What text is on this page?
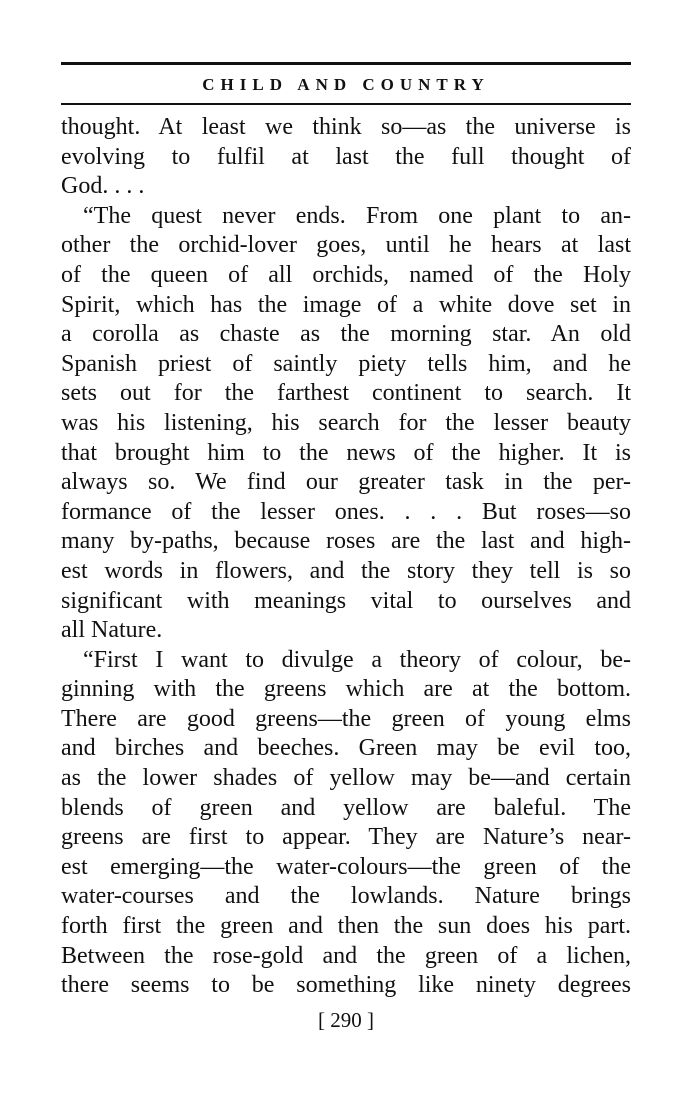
CHILD AND COUNTRY
thought. At least we think so—as the universe is
evolving to fulfil at last the full thought of
God. . . .
“The quest never ends. From one plant to an-
other the orchid-lover goes, until he hears at last
of the queen of all orchids, named of the Holy
Spirit, which has the image of a white dove set in
a corolla as chaste as the morning star. An old
Spanish priest of saintly piety tells him, and he
sets out for the farthest continent to search. It
was his listening, his search for the lesser beauty
that brought him to the news of the higher. It is
always so. We find our greater task in the per-
formance of the lesser ones. . . . But roses—so
many by-paths, because roses are the last and high-
est words in flowers, and the story they tell is so
significant with meanings vital to ourselves and
all Nature.
“First I want to divulge a theory of colour, be-
ginning with the greens which are at the bottom.
There are good greens—the green of young elms
and birches and beeches. Green may be evil too,
as the lower shades of yellow may be—and certain
blends of green and yellow are baleful. The
greens are first to appear. They are Nature’s near-
est emerging—the water-colours—the green of the
water-courses and the lowlands. Nature brings
forth first the green and then the sun does his part.
Between the rose-gold and the green of a lichen,
there seems to be something like ninety degrees
[ 290 ]
